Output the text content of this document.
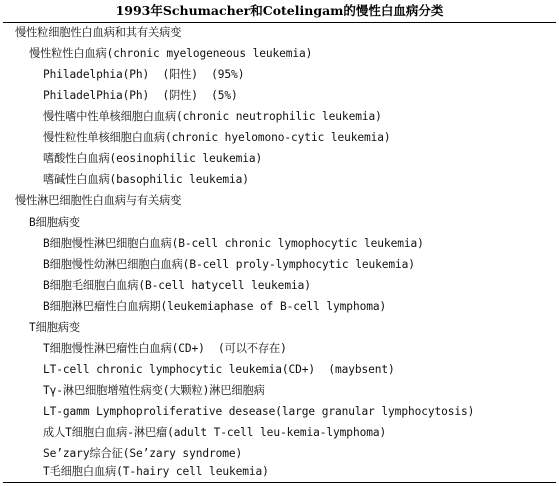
1993年Schumacher和Cotelingam的慢性白血病分类
慢性粒细胞性白血病和其有关病变
慢性粒性白血病(chronic myelogeneous leukemia)
Philadelphia(Ph)  (阳性)  (95%)
PhiladelPhia(Ph)  (阴性)  (5%)
慢性嗜中性单核细胞白血病(chronic neutrophilic leukemia)
慢性粒性单核细胞白血病(chronic hyelomono-cytic leukemia)
嗜酸性白血病(eosinophilic leukemia)
嗜碱性白血病(basophilic leukemia)
慢性淋巴细胞性白血病与有关病变
B细胞病变
B细胞慢性淋巴细胞白血病(B-cell chronic lymophocytic leukemia)
B细胞慢性幼淋巴细胞白血病(B-cell proly-lymphocytic leukemia)
B细胞毛细胞白血病(B-cell hatycell leukemia)
B细胞淋巴瘤性白血病期(leukemiaphase of B-cell lymphoma)
T细胞病变
T细胞慢性淋巴瘤性白血病(CD+)  (可以不存在)
LT-cell chronic lymphocytic leukemia(CD+)  (maybsent)
Tγ-淋巴细胞增殖性病变(大颗粒)淋巴细胞病
LT-gamm Lymphoproliferative desease(large granular lymphocytosis)
成人T细胞白血病-淋巴瘤(adult T-cell leu-kemia-lymphoma)
Se’zary综合征(Se’zary syndrome)
T毛细胞白血病(T-hairy cell leukemia)
